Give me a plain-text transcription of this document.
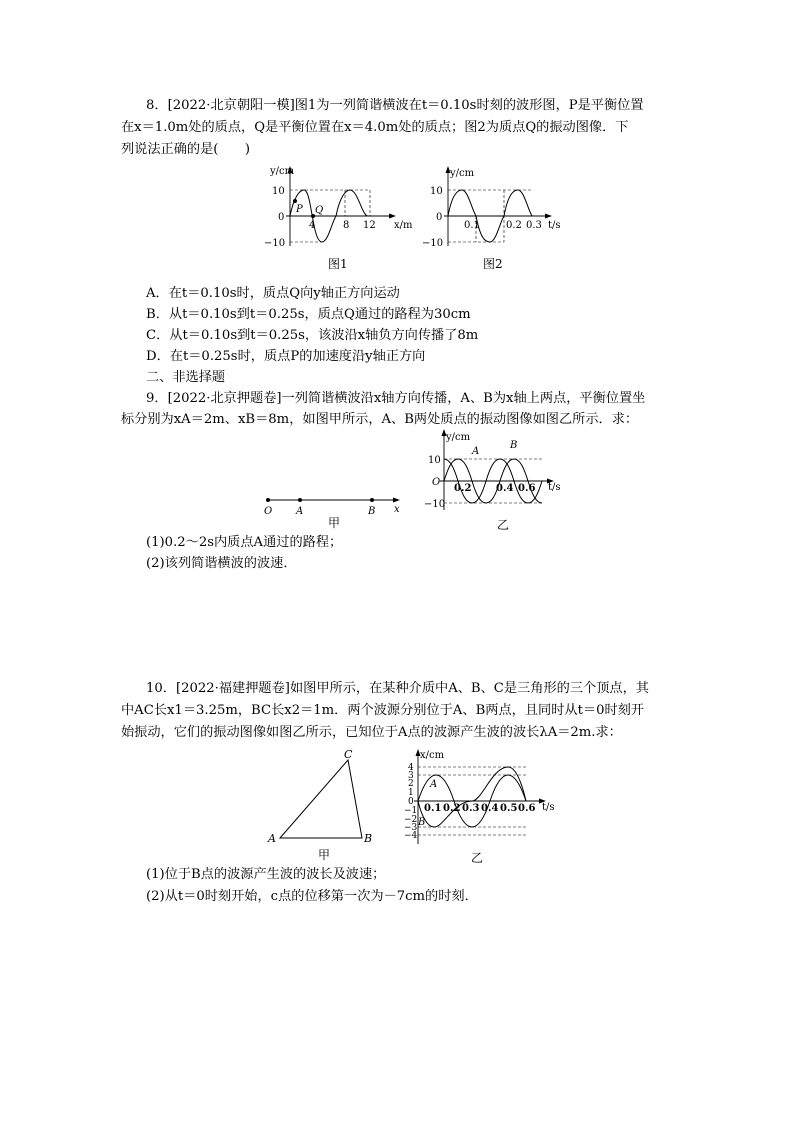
8．[2022·北京朝阳一模]图1为一列简谐横波在t＝0.10s时刻的波形图，P是平衡位置
在x＝1.0m处的质点，Q是平衡位置在x＝4.0m处的质点；图2为质点Q的振动图像．下
列说法正确的是(　　)
y/cm
x/m
10
0
−10
4	8 12
P Q
图1
y/cm
t/s
10
0
−10
0.1	0.2 0.3
图2
A．在t＝0.10s时，质点Q向y轴正方向运动
B．从t＝0.10s到t＝0.25s，质点Q通过的路程为30cm
C．从t＝0.10s到t＝0.25s，该波沿x轴负方向传播了8m
D．在t＝0.25s时，质点P的加速度沿y轴正方向
二、非选择题
9．[2022·北京押题卷]一列简谐横波沿x轴方向传播，A、B为x轴上两点，平衡位置坐
标分别为xA＝2m、xB＝8m，如图甲所示，A、B两处质点的振动图像如图乙所示．求：
O A	B x
甲
y/cm
t/s
10
O
−10
0.2 0.4 0.6
A
B
乙
(1)0.2～2s内质点A通过的路程；
(2)该列简谐横波的波速．
10．[2022·福建押题卷]如图甲所示，在某种介质中A、B、C是三角形的三个顶点，其
中AC长x1＝3.25m，BC长x2＝1m．两个波源分别位于A、B两点，且同时从t＝0时刻开
始振动，它们的振动图像如图乙所示，已知位于A点的波源产生波的波长λA＝2m.求：
A	B
C
甲
x/cm
t/s
4
3
2
1
0
−1
−2
−3
−4
0.1 0.2 0.3 0.4 0.5 0.6
A
B
乙
(1)位于B点的波源产生波的波长及波速；
(2)从t＝0时刻开始，c点的位移第一次为－7cm的时刻．
